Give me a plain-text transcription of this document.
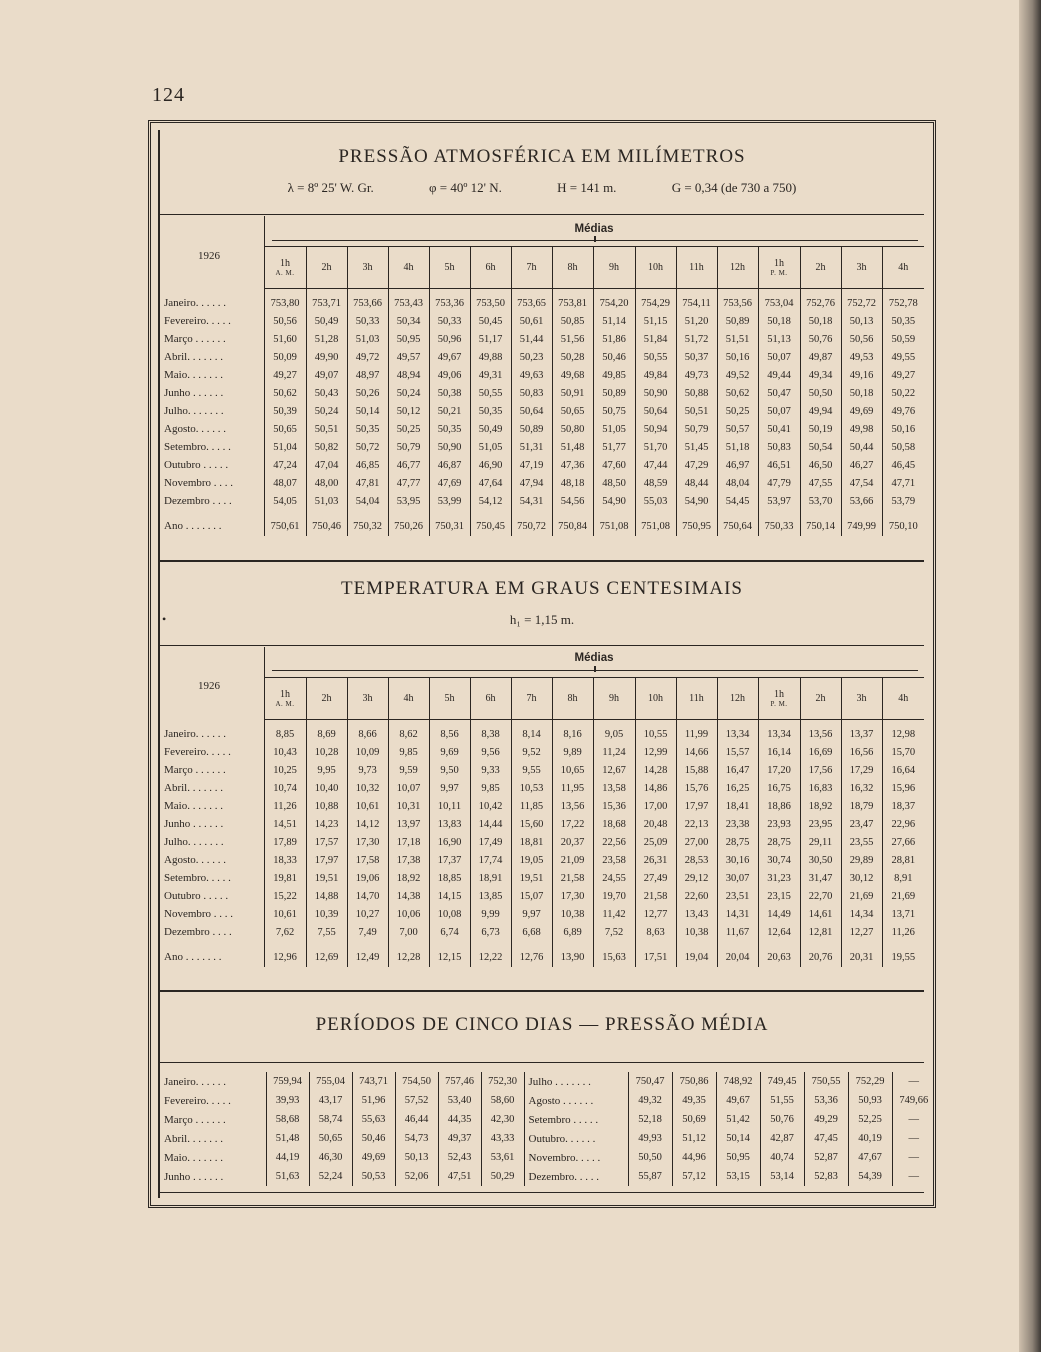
124
PRESSÃO ATMOSFÉRICA EM MILÍMETROS
λ = 8º 25' W. Gr.	φ = 40º 12' N.	H = 141 m.	G = 0,34 (de 730 a 750)
1926
Médias

	1h
A. M.	2h	3h	4h	5h	6h	7h	8h	9h	10h	11h	12h	1h
P. M.	2h	3h	4h

Janeiro. . . . . .	753,80	753,71	753,66	753,43	753,36	753,50	753,65	753,81	754,20	754,29	754,11	753,56	753,04	752,76	752,72	752,78
Fevereiro. . . . .	50,56	50,49	50,33	50,34	50,33	50,45	50,61	50,85	51,14	51,15	51,20	50,89	50,18	50,18	50,13	50,35
Março . . . . . .	51,60	51,28	51,03	50,95	50,96	51,17	51,44	51,56	51,86	51,84	51,72	51,51	51,13	50,76	50,56	50,59
Abril. . . . . . .	50,09	49,90	49,72	49,57	49,67	49,88	50,23	50,28	50,46	50,55	50,37	50,16	50,07	49,87	49,53	49,55
Maio. . . . . . .	49,27	49,07	48,97	48,94	49,06	49,31	49,63	49,68	49,85	49,84	49,73	49,52	49,44	49,34	49,16	49,27
Junho . . . . . .	50,62	50,43	50,26	50,24	50,38	50,55	50,83	50,91	50,89	50,90	50,88	50,62	50,47	50,50	50,18	50,22
Julho. . . . . . .	50,39	50,24	50,14	50,12	50,21	50,35	50,64	50,65	50,75	50,64	50,51	50,25	50,07	49,94	49,69	49,76
Agosto. . . . . .	50,65	50,51	50,35	50,25	50,35	50,49	50,89	50,80	51,05	50,94	50,79	50,57	50,41	50,19	49,98	50,16
Setembro. . . . .	51,04	50,82	50,72	50,79	50,90	51,05	51,31	51,48	51,77	51,70	51,45	51,18	50,83	50,54	50,44	50,58
Outubro . . . . .	47,24	47,04	46,85	46,77	46,87	46,90	47,19	47,36	47,60	47,44	47,29	46,97	46,51	46,50	46,27	46,45
Novembro . . . .	48,07	48,00	47,81	47,77	47,69	47,64	47,94	48,18	48,50	48,59	48,44	48,04	47,79	47,55	47,54	47,71
Dezembro . . . .	54,05	51,03	54,04	53,95	53,99	54,12	54,31	54,56	54,90	55,03	54,90	54,45	53,97	53,70	53,66	53,79

Ano . . . . . . .	750,61	750,46	750,32	750,26	750,31	750,45	750,72	750,84	751,08	751,08	750,95	750,64	750,33	750,14	749,99	750,10
TEMPERATURA EM GRAUS CENTESIMAIS
h₁ = 1,15 m.
•
1926
Médias

	1h
A. M.	2h	3h	4h	5h	6h	7h	8h	9h	10h	11h	12h	1h
P. M.	2h	3h	4h

Janeiro. . . . . .	8,85	8,69	8,66	8,62	8,56	8,38	8,14	8,16	9,05	10,55	11,99	13,34	13,34	13,56	13,37	12,98
Fevereiro. . . . .	10,43	10,28	10,09	9,85	9,69	9,56	9,52	9,89	11,24	12,99	14,66	15,57	16,14	16,69	16,56	15,70
Março . . . . . .	10,25	9,95	9,73	9,59	9,50	9,33	9,55	10,65	12,67	14,28	15,88	16,47	17,20	17,56	17,29	16,64
Abril. . . . . . .	10,74	10,40	10,32	10,07	9,97	9,85	10,53	11,95	13,58	14,86	15,76	16,25	16,75	16,83	16,32	15,96
Maio. . . . . . .	11,26	10,88	10,61	10,31	10,11	10,42	11,85	13,56	15,36	17,00	17,97	18,41	18,86	18,92	18,79	18,37
Junho . . . . . .	14,51	14,23	14,12	13,97	13,83	14,44	15,60	17,22	18,68	20,48	22,13	23,38	23,93	23,95	23,47	22,96
Julho. . . . . . .	17,89	17,57	17,30	17,18	16,90	17,49	18,81	20,37	22,56	25,09	27,00	28,75	28,75	29,11	23,55	27,66
Agosto. . . . . .	18,33	17,97	17,58	17,38	17,37	17,74	19,05	21,09	23,58	26,31	28,53	30,16	30,74	30,50	29,89	28,81
Setembro. . . . .	19,81	19,51	19,06	18,92	18,85	18,91	19,51	21,58	24,55	27,49	29,12	30,07	31,23	31,47	30,12	8,91
Outubro . . . . .	15,22	14,88	14,70	14,38	14,15	13,85	15,07	17,30	19,70	21,58	22,60	23,51	23,15	22,70	21,69	21,69
Novembro . . . .	10,61	10,39	10,27	10,06	10,08	9,99	9,97	10,38	11,42	12,77	13,43	14,31	14,49	14,61	14,34	13,71
Dezembro . . . .	7,62	7,55	7,49	7,00	6,74	6,73	6,68	6,89	7,52	8,63	10,38	11,67	12,64	12,81	12,27	11,26

Ano . . . . . . .	12,96	12,69	12,49	12,28	12,15	12,22	12,76	13,90	15,63	17,51	19,04	20,04	20,63	20,76	20,31	19,55
PERÍODOS DE CINCO DIAS — PRESSÃO MÉDIA
Janeiro. . . . . .	759,94	755,04	743,71	754,50	757,46	752,30	Julho . . . . . . .	750,47	750,86	748,92	749,45	750,55	752,29	—
Fevereiro. . . . .	39,93	43,17	51,96	57,52	53,40	58,60	Agosto . . . . . .	49,32	49,35	49,67	51,55	53,36	50,93	749,66
Março . . . . . .	58,68	58,74	55,63	46,44	44,35	42,30	Setembro . . . . .	52,18	50,69	51,42	50,76	49,29	52,25	—
Abril. . . . . . .	51,48	50,65	50,46	54,73	49,37	43,33	Outubro. . . . . .	49,93	51,12	50,14	42,87	47,45	40,19	—
Maio. . . . . . .	44,19	46,30	49,69	50,13	52,43	53,61	Novembro. . . . .	50,50	44,96	50,95	40,74	52,87	47,67	—
Junho . . . . . .	51,63	52,24	50,53	52,06	47,51	50,29	Dezembro. . . . .	55,87	57,12	53,15	53,14	52,83	54,39	—
